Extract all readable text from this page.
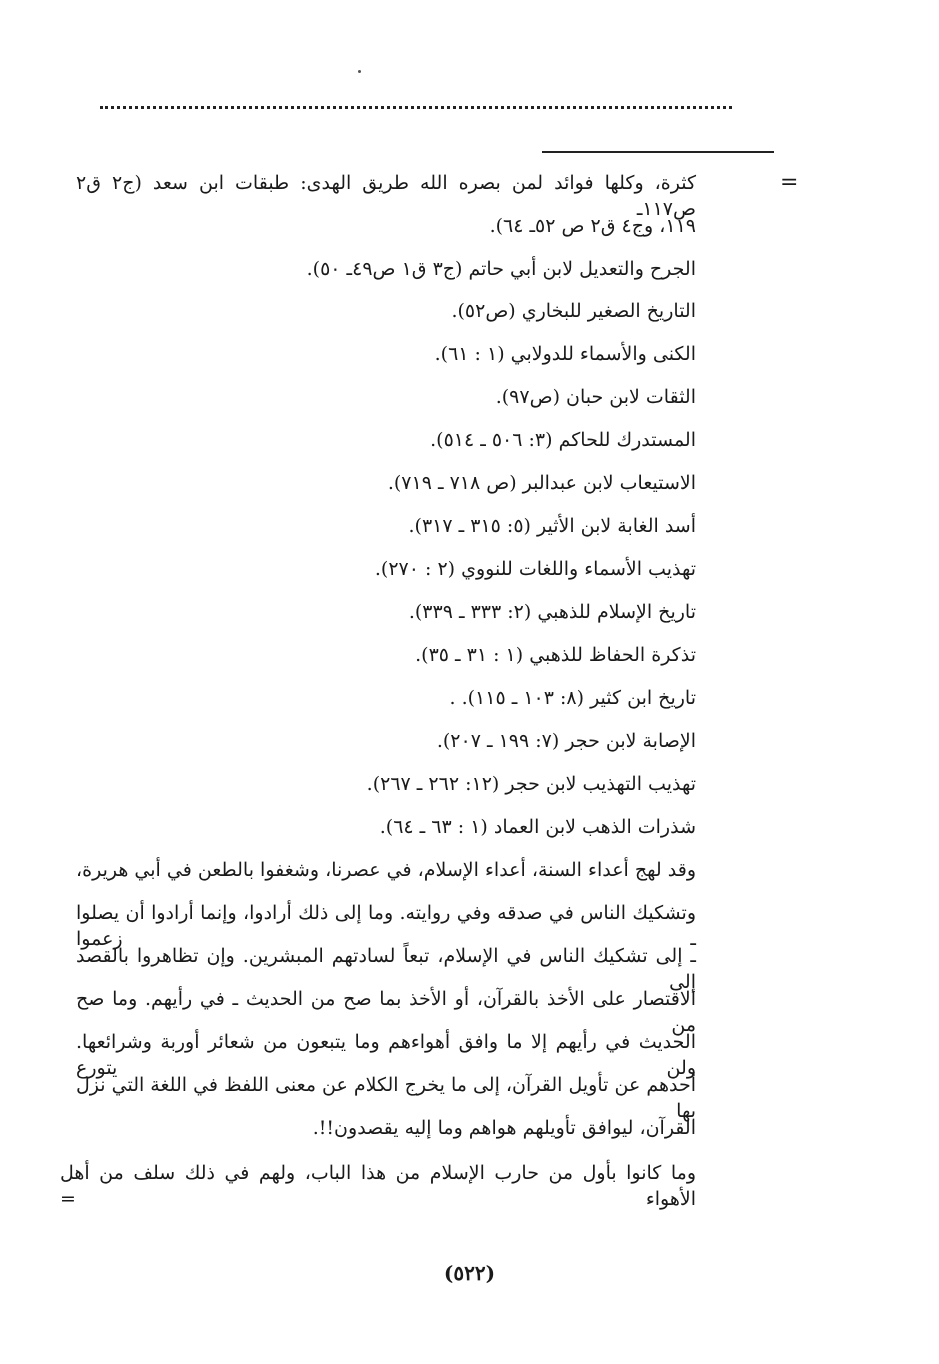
=
كثرة، وكلها فوائد لمن بصره الله طريق الهدى: طبقات ابن سعد (ج٢ ق٢ ص١١٧ـ
١١٩، وج٤ ق٢ ص ٥٢ـ ٦٤).
الجرح والتعديل لابن أبي حاتم (ج٣ ق١ ص٤٩ـ ٥٠).
التاريخ الصغير للبخاري (ص٥٢).
الكنى والأسماء للدولابي (١ : ٦١).
الثقات لابن حبان (ص٩٧).
المستدرك للحاكم (٣: ٥٠٦ ـ ٥١٤).
الاستيعاب لابن عبدالبر (ص ٧١٨ ـ ٧١٩).
أسد الغابة لابن الأثير (٥: ٣١٥ ـ ٣١٧).
تهذيب الأسماء واللغات للنووي (٢ : ٢٧٠).
تاريخ الإسلام للذهبي (٢: ٣٣٣ ـ ٣٣٩).
تذكرة الحفاظ للذهبي (١ : ٣١ ـ ٣٥).
تاريخ ابن كثير (٨: ١٠٣ ـ ١١٥). .
الإصابة لابن حجر (٧: ١٩٩ ـ ٢٠٧).
تهذيب التهذيب لابن حجر (١٢: ٢٦٢ ـ ٢٦٧).
شذرات الذهب لابن العماد (١ : ٦٣ ـ ٦٤).
وقد لهج أعداء السنة، أعداء الإسلام، في عصرنا، وشغفوا بالطعن في أبي هريرة،
وتشكيك الناس في صدقه وفي روايته. وما إلى ذلك أرادوا، وإنما أرادوا أن يصلوا ـ زعموا
ـ إلى تشكيك الناس في الإسلام، تبعاً لسادتهم المبشرين. وإن تظاهروا بالقصد إلى
الاقتصار على الأخذ بالقرآن، أو الأخذ بما صح من الحديث ـ في رأيهم. وما صح من
الحديث في رأيهم إلا ما وافق أهواءهم وما يتبعون من شعائر أوربة وشرائعها. ولن يتورع
أحدهم عن تأويل القرآن، إلى ما يخرج الكلام عن معنى اللفظ في اللغة التي نزل بها
القرآن، ليوافق تأويلهم هواهم وما إليه يقصدون!!.
وما كانوا بأول من حارب الإسلام من هذا الباب، ولهم في ذلك سلف من أهل الأهواء =
(٥٢٢)
